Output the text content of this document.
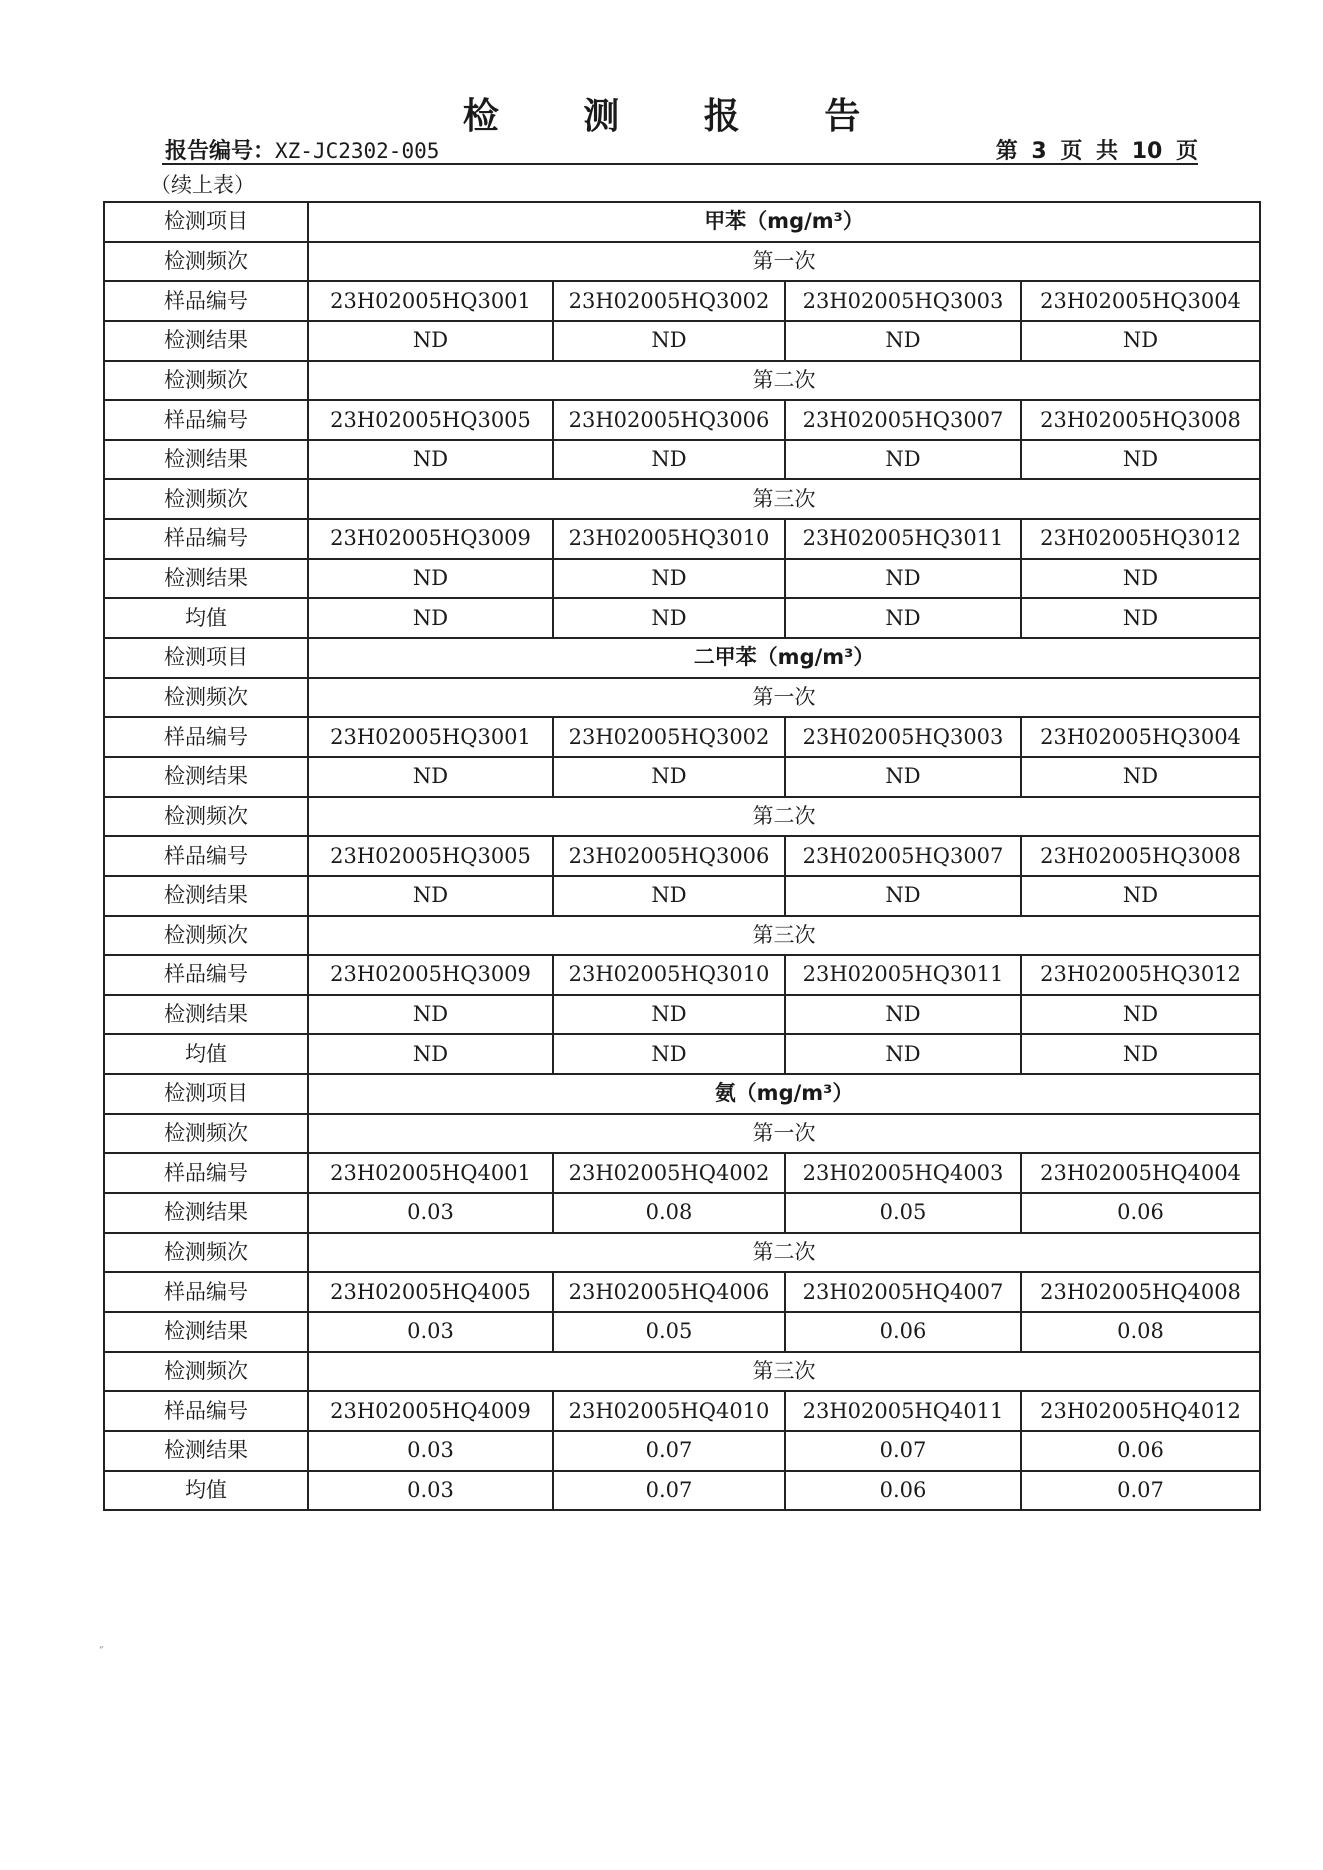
检 测 报 告
报告编号：XZ-JC2302-005	第 3 页 共 10 页
（续上表）
检测项目	甲苯（mg/m³）			
检测频次	第一次			
样品编号	23H02005HQ3001	23H02005HQ3002	23H02005HQ3003	23H02005HQ3004
检测结果	ND	ND	ND	ND
检测频次	第二次			
样品编号	23H02005HQ3005	23H02005HQ3006	23H02005HQ3007	23H02005HQ3008
检测结果	ND	ND	ND	ND
检测频次	第三次			
样品编号	23H02005HQ3009	23H02005HQ3010	23H02005HQ3011	23H02005HQ3012
检测结果	ND	ND	ND	ND
均值	ND	ND	ND	ND
检测项目	二甲苯（mg/m³）			
检测频次	第一次			
样品编号	23H02005HQ3001	23H02005HQ3002	23H02005HQ3003	23H02005HQ3004
检测结果	ND	ND	ND	ND
检测频次	第二次			
样品编号	23H02005HQ3005	23H02005HQ3006	23H02005HQ3007	23H02005HQ3008
检测结果	ND	ND	ND	ND
检测频次	第三次			
样品编号	23H02005HQ3009	23H02005HQ3010	23H02005HQ3011	23H02005HQ3012
检测结果	ND	ND	ND	ND
均值	ND	ND	ND	ND
检测项目	氨（mg/m³）			
检测频次	第一次			
样品编号	23H02005HQ4001	23H02005HQ4002	23H02005HQ4003	23H02005HQ4004
检测结果	0.03	0.08	0.05	0.06
检测频次	第二次			
样品编号	23H02005HQ4005	23H02005HQ4006	23H02005HQ4007	23H02005HQ4008
检测结果	0.03	0.05	0.06	0.08
检测频次	第三次			
样品编号	23H02005HQ4009	23H02005HQ4010	23H02005HQ4011	23H02005HQ4012
检测结果	0.03	0.07	0.07	0.06
均值	0.03	0.07	0.06	0.07
˝
